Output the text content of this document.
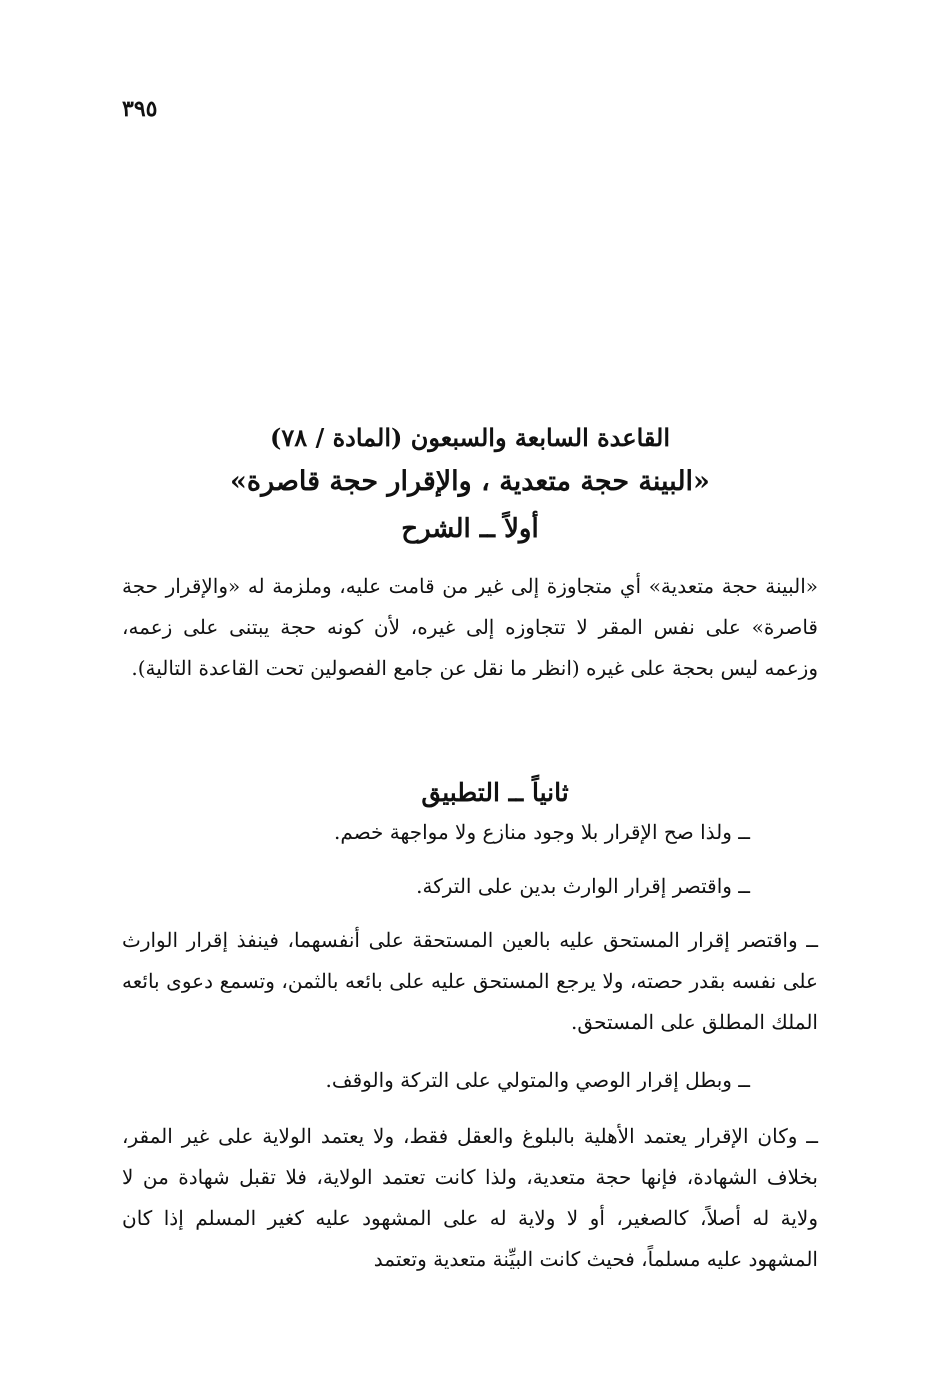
٣٩٥

القاعدة السابعة والسبعون (المادة / ٧٨)

«البينة حجة متعدية ، والإقرار حجة قاصرة»

أولاً ــ الشرح

«البينة حجة متعدية» أي متجاوزة إلى غير من قامت عليه، وملزمة له «والإقرار حجة قاصرة» على نفس المقر لا تتجاوزه إلى غيره، لأن كونه حجة يبتنى على زعمه، وزعمه ليس بحجة على غيره (انظر ما نقل عن جامع الفصولين تحت القاعدة التالية).

ثانياً ــ التطبيق

ــ ولذا صح الإقرار بلا وجود منازع ولا مواجهة خصم.

ــ واقتصر إقرار الوارث بدين على التركة.

ــ واقتصر إقرار المستحق عليه بالعين المستحقة على أنفسهما، فينفذ إقرار الوارث على نفسه بقدر حصته، ولا يرجع المستحق عليه على بائعه بالثمن، وتسمع دعوى بائعه الملك المطلق على المستحق.

ــ وبطل إقرار الوصي والمتولي على التركة والوقف.

ــ وكان الإقرار يعتمد الأهلية بالبلوغ والعقل فقط، ولا يعتمد الولاية على غير المقر، بخلاف الشهادة، فإنها حجة متعدية، ولذا كانت تعتمد الولاية، فلا تقبل شهادة من لا ولاية له أصلاً، كالصغير، أو لا ولاية له على المشهود عليه كغير المسلم إذا كان المشهود عليه مسلماً، فحيث كانت البيِّنة متعدية وتعتمد
